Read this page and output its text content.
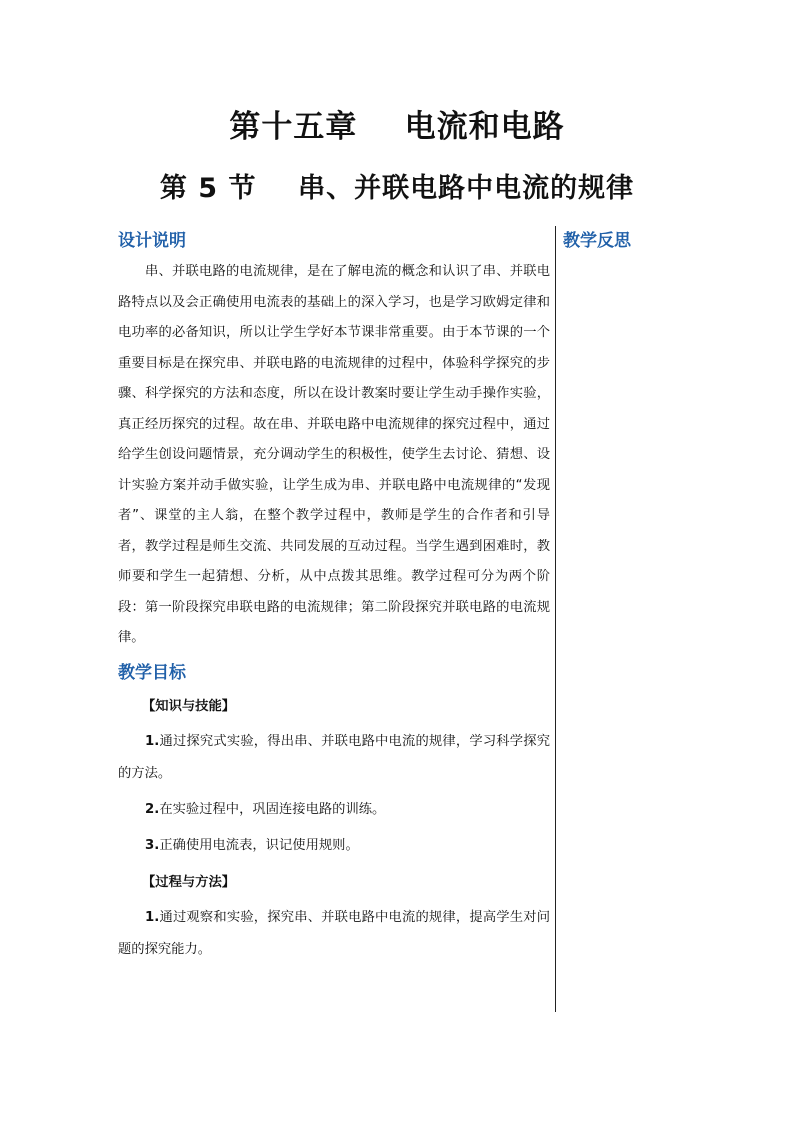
第十五章    电流和电路
第 5 节    串、并联电路中电流的规律
教学反思
设计说明

串、并联电路的电流规律，是在了解电流的概念和认识了串、并联电路特点以及会正确使用电流表的基础上的深入学习，也是学习欧姆定律和电功率的必备知识，所以让学生学好本节课非常重要。由于本节课的一个重要目标是在探究串、并联电路的电流规律的过程中，体验科学探究的步骤、科学探究的方法和态度，所以在设计教案时要让学生动手操作实验，真正经历探究的过程。故在串、并联电路中电流规律的探究过程中，通过给学生创设问题情景，充分调动学生的积极性，使学生去讨论、猜想、设计实验方案并动手做实验，让学生成为串、并联电路中电流规律的“发现者”、课堂的主人翁，在整个教学过程中，教师是学生的合作者和引导者，教学过程是师生交流、共同发展的互动过程。当学生遇到困难时，教师要和学生一起猜想、分析，从中点拨其思维。教学过程可分为两个阶段：第一阶段探究串联电路的电流规律；第二阶段探究并联电路的电流规律。

教学目标

【知识与技能】

1.通过探究式实验，得出串、并联电路中电流的规律，学习科学探究的方法。

2.在实验过程中，巩固连接电路的训练。

3.正确使用电流表，识记使用规则。

【过程与方法】

1.通过观察和实验，探究串、并联电路中电流的规律，提高学生对问题的探究能力。
